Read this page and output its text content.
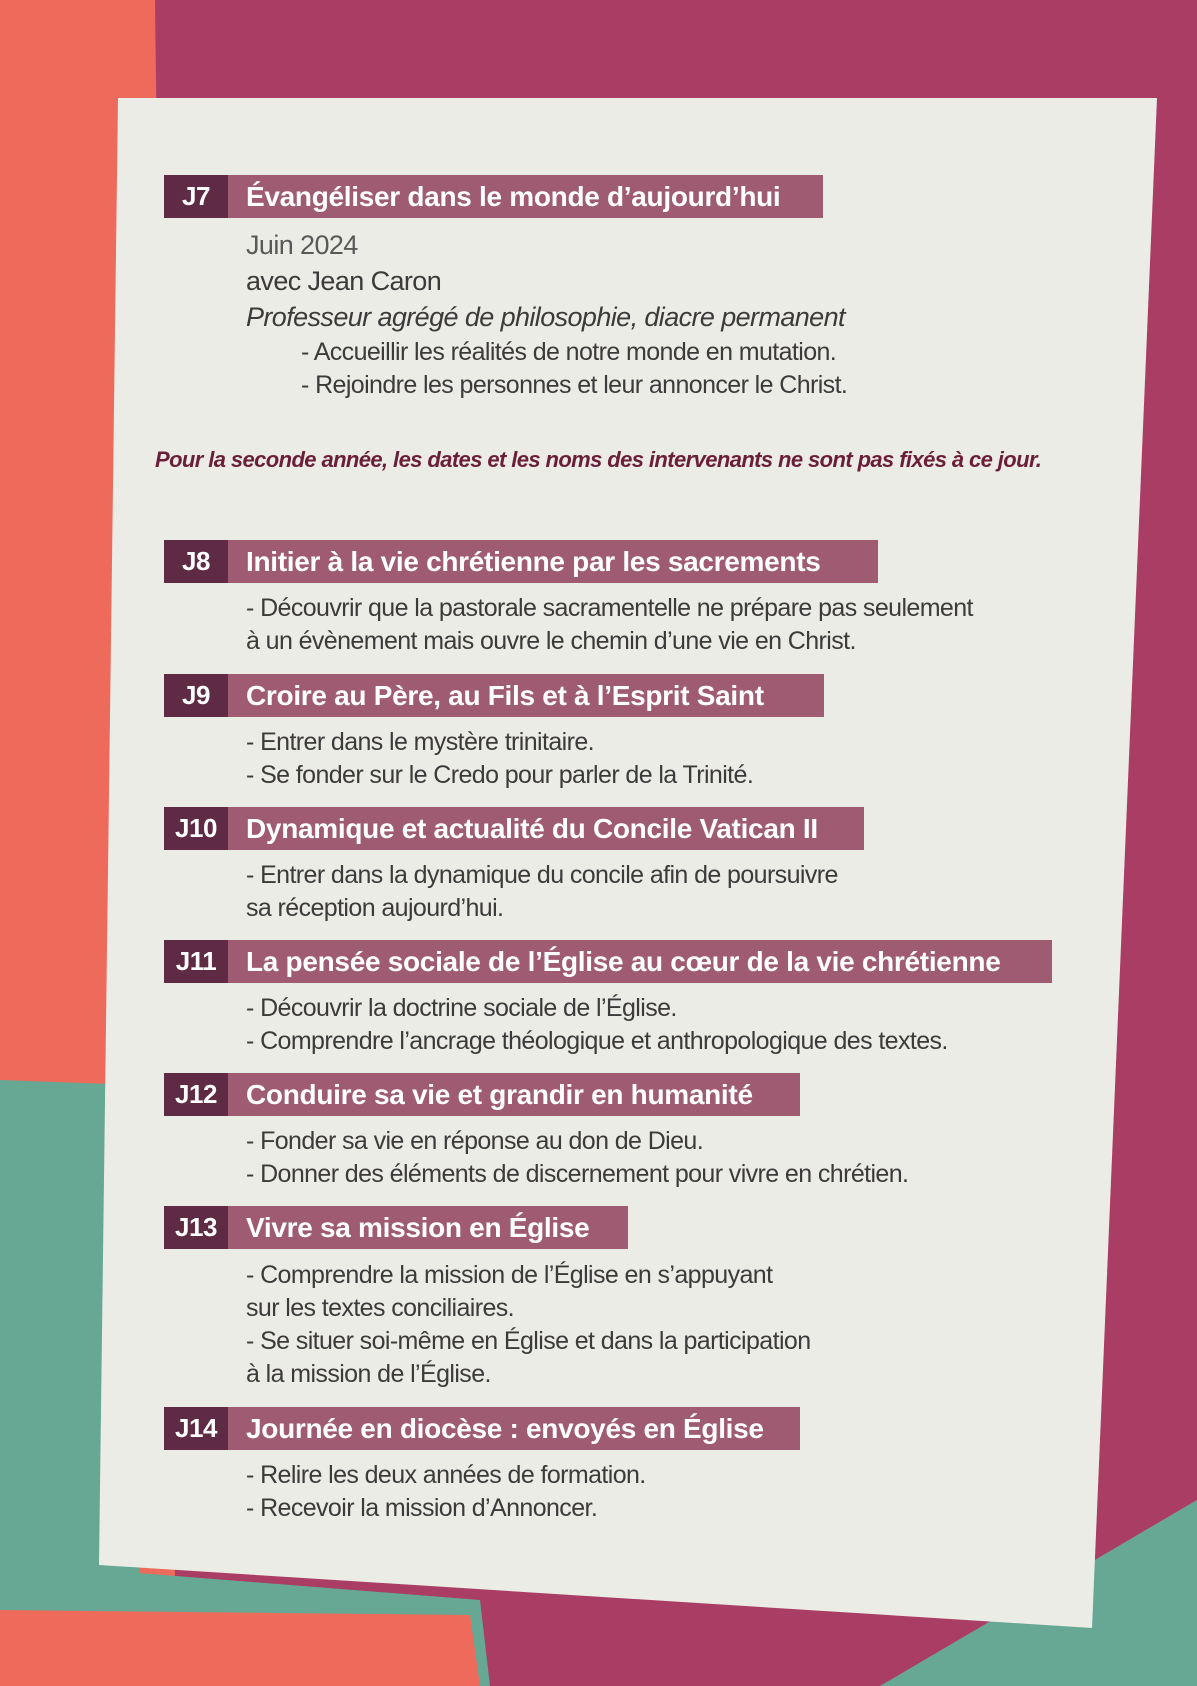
J7	Évangéliser dans le monde d’aujourd’hui
Juin 2024
avec Jean Caron
Professeur agrégé de philosophie, diacre permanent
- Accueillir les réalités de notre monde en mutation.
- Rejoindre les personnes et leur annoncer le Christ.
Pour la seconde année, les dates et les noms des intervenants ne sont pas fixés à ce jour.
J8	Initier à la vie chrétienne par les sacrements
- Découvrir que la pastorale sacramentelle ne prépare pas seulement
à un évènement mais ouvre le chemin d’une vie en Christ.
J9	Croire au Père, au Fils et à l’Esprit Saint
- Entrer dans le mystère trinitaire.
- Se fonder sur le Credo pour parler de la Trinité.
J10	Dynamique et actualité du Concile Vatican II
- Entrer dans la dynamique du concile afin de poursuivre
sa réception aujourd’hui.
J11	La pensée sociale de l’Église au cœur de la vie chrétienne
- Découvrir la doctrine sociale de l’Église.
- Comprendre l’ancrage théologique et anthropologique des textes.
J12	Conduire sa vie et grandir en humanité
- Fonder sa vie en réponse au don de Dieu.
- Donner des éléments de discernement pour vivre en chrétien.
J13	Vivre sa mission en Église
- Comprendre la mission de l’Église en s’appuyant
sur les textes conciliaires.
- Se situer soi-même en Église et dans la participation
à la mission de l’Église.
J14	Journée en diocèse : envoyés en Église
- Relire les deux années de formation.
- Recevoir la mission d’Annoncer.
